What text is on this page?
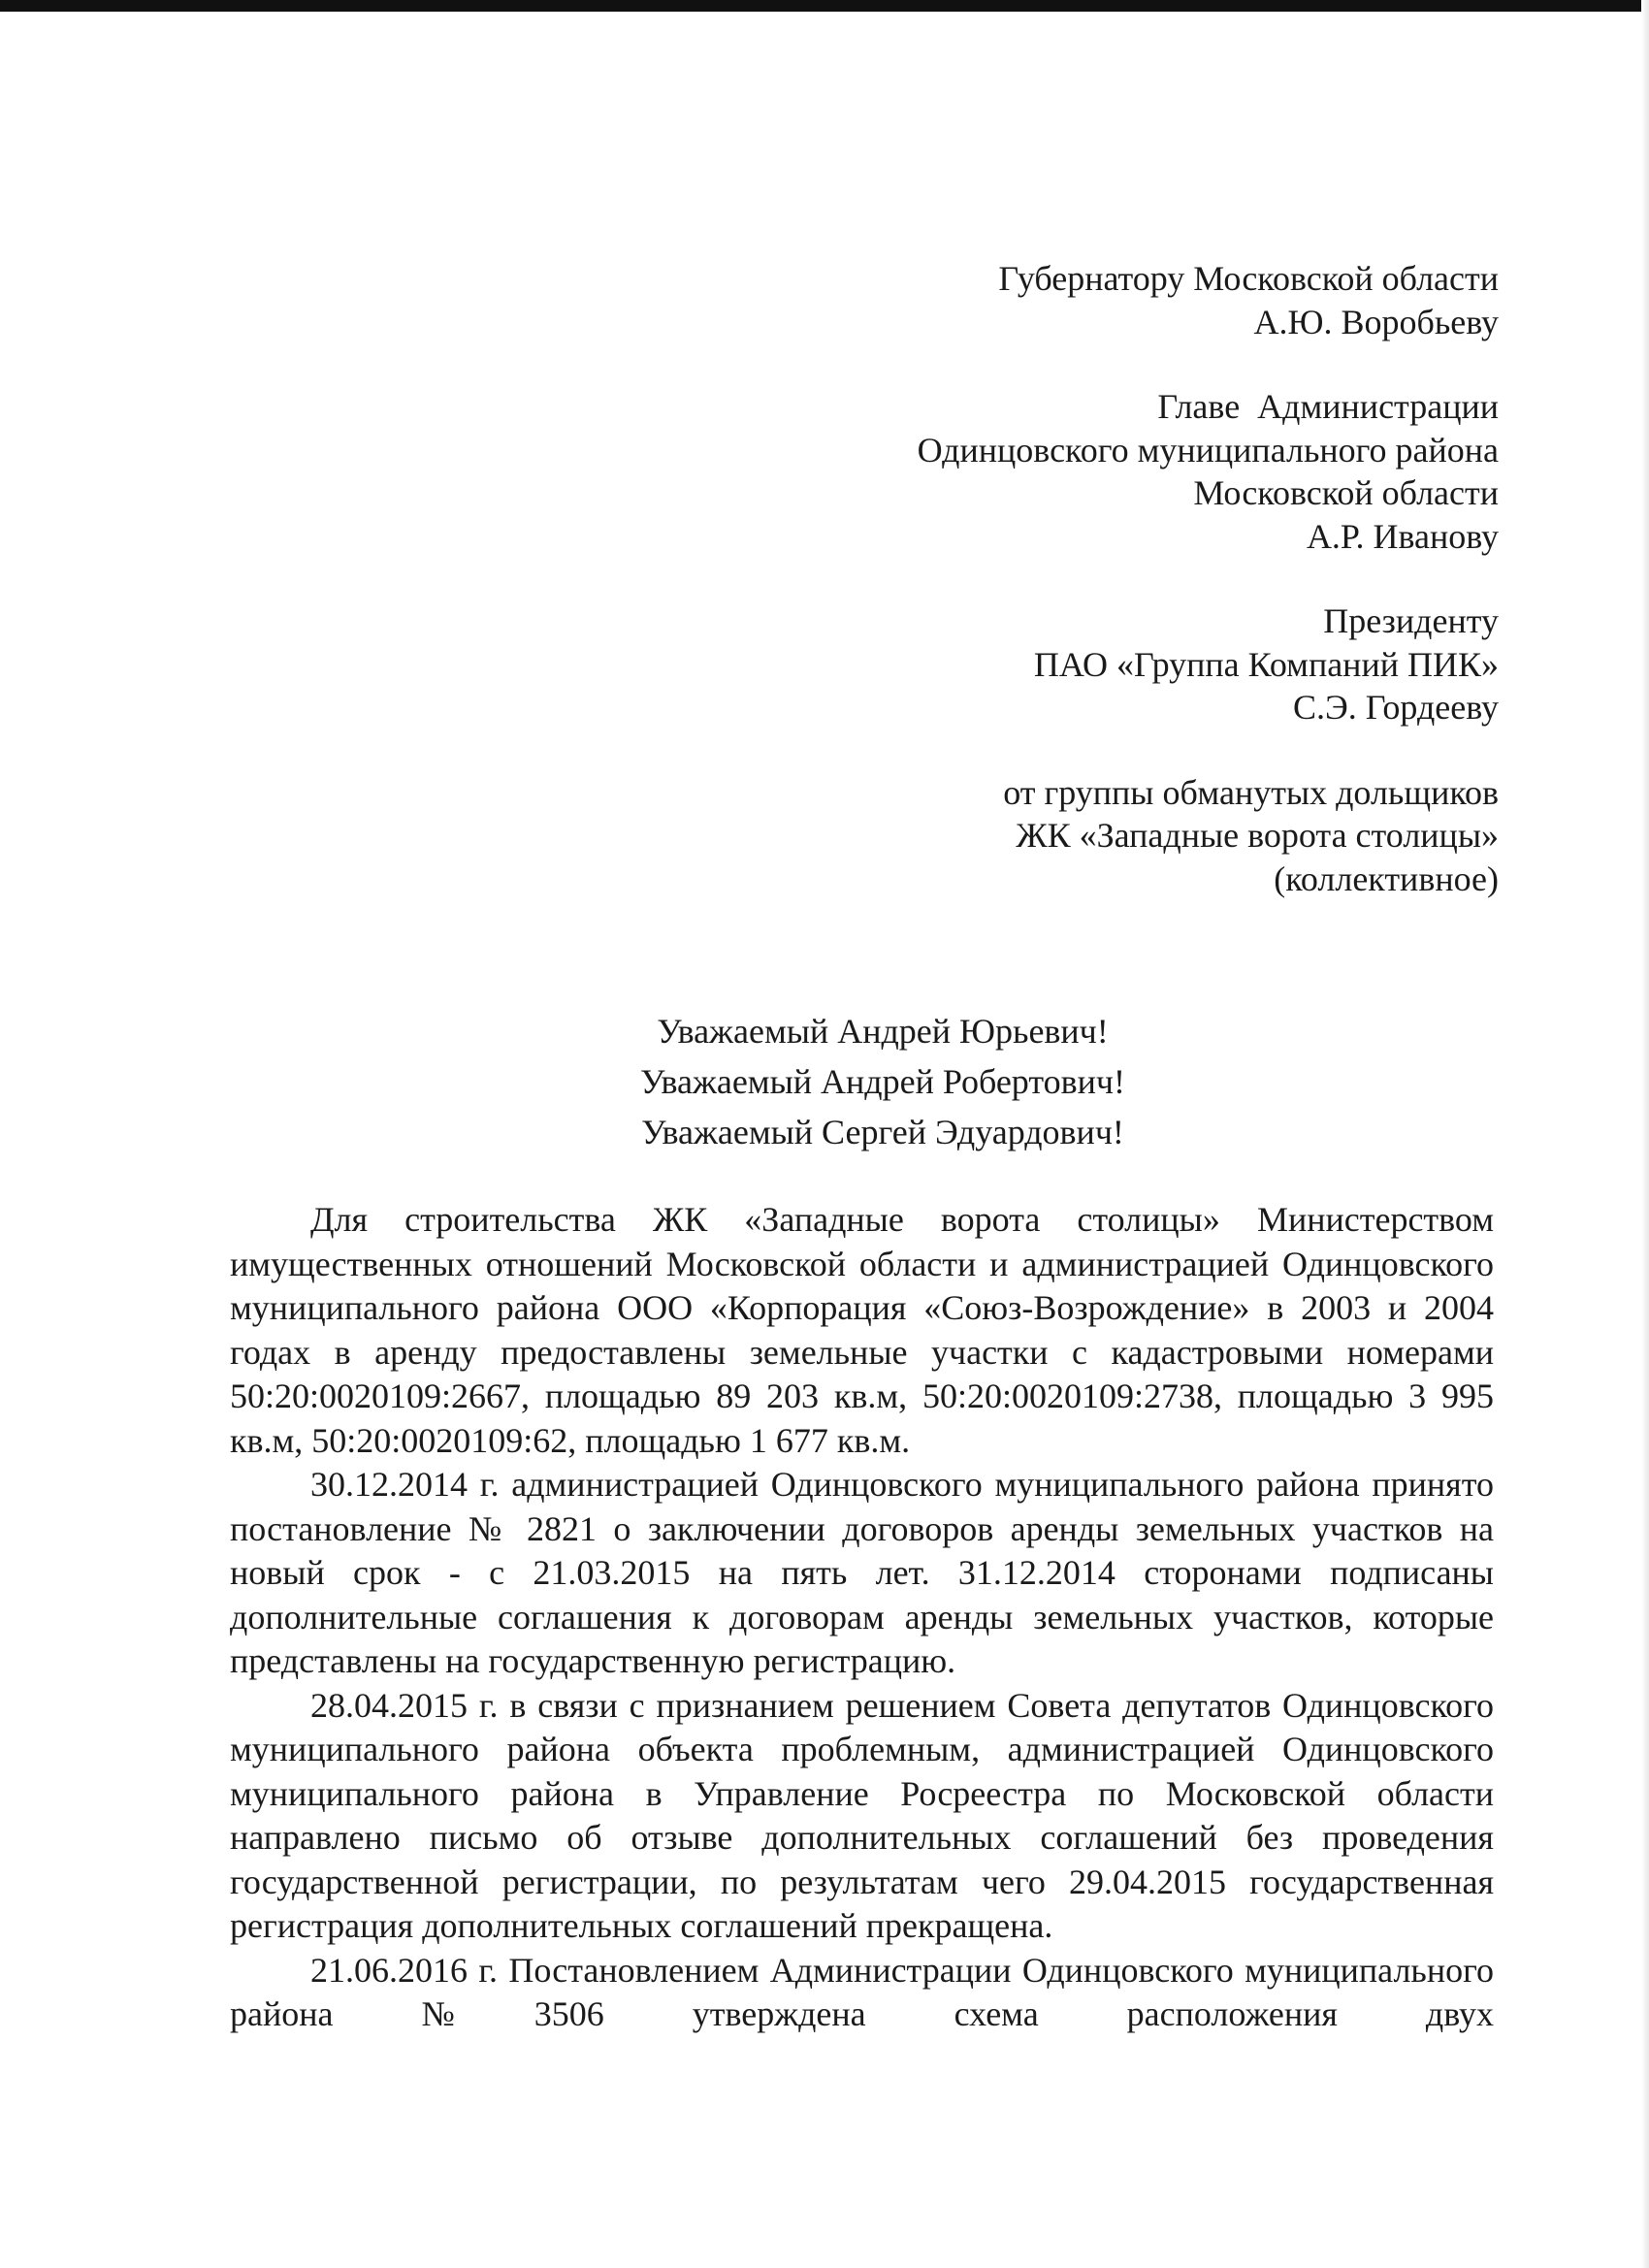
Губернатору Московской области
А.Ю. Воробьеву
Главе  Администрации
Одинцовского муниципального района
Московской области
А.Р. Иванову
Президенту
ПАО «Группа Компаний ПИК»
С.Э. Гордееву
от группы обманутых дольщиков
ЖК «Западные ворота столицы»
(коллективное)
Уважаемый Андрей Юрьевич!
Уважаемый Андрей Робертович!
Уважаемый Сергей Эдуардович!

Для строительства ЖК «Западные ворота столицы» Министерством имущественных отношений Московской области и администрацией Одинцовского муниципального района ООО «Корпорация «Союз-Возрождение» в 2003 и 2004 годах в аренду предоставлены земельные участки с кадастровыми номерами 50:20:0020109:2667, площадью 89 203 кв.м, 50:20:0020109:2738, площадью 3 995 кв.м, 50:20:0020109:62, площадью 1 677 кв.м.

30.12.2014 г. администрацией Одинцовского муниципального района принято постановление № 2821 о заключении договоров аренды земельных участков на новый срок - с 21.03.2015 на пять лет. 31.12.2014 сторонами подписаны дополнительные соглашения к договорам аренды земельных участков, которые представлены на государственную регистрацию.

28.04.2015 г. в связи с признанием решением Совета депутатов Одинцовского муниципального района объекта проблемным, администрацией Одинцовского муниципального района в Управление Росреестра по Московской области направлено письмо об отзыве дополнительных соглашений без проведения государственной регистрации, по результатам чего 29.04.2015 государственная регистрация дополнительных соглашений прекращена.

21.06.2016 г. Постановлением Администрации Одинцовского муниципального района №3506 утверждена схема расположения двух
